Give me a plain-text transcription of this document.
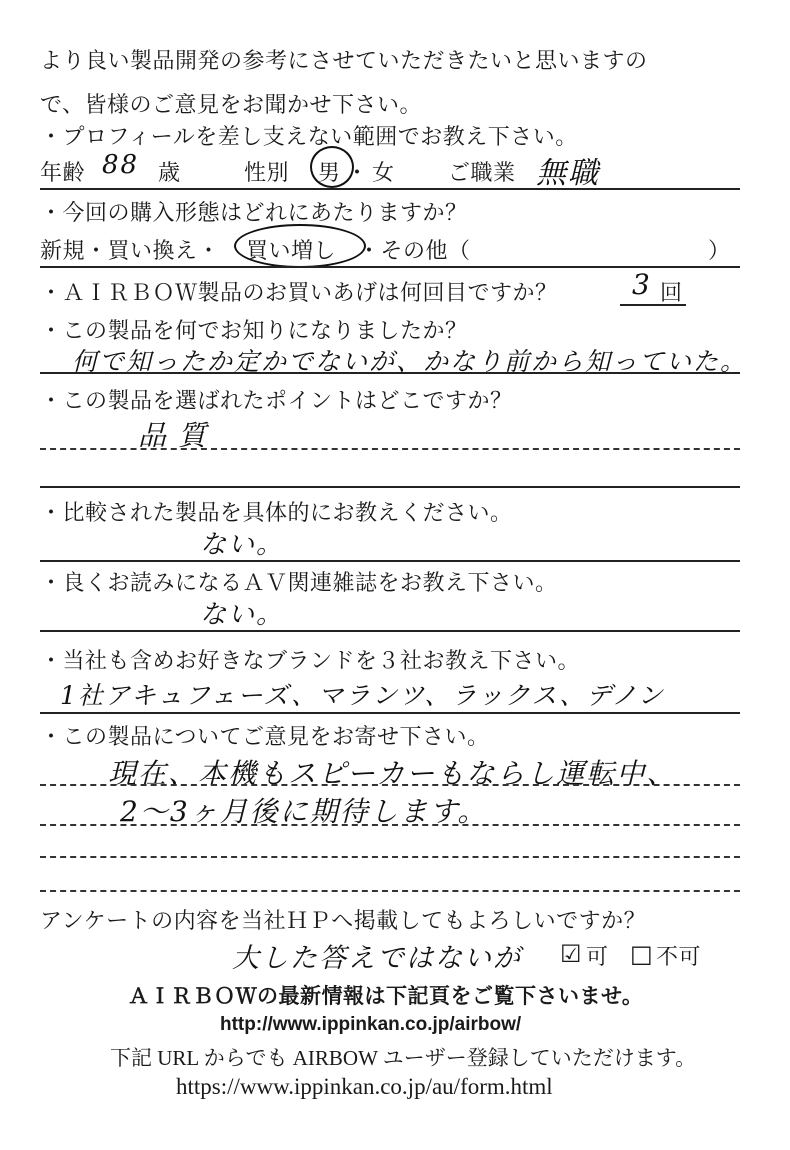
より良い製品開発の参考にさせていただきたいと思いますの
で、皆様のご意見をお聞かせ下さい。
・プロフィールを差し支えない範囲でお教え下さい。
年齢 88 歳	性別 男 ・ 女 ご職業 無職
・今回の購入形態はどれにあたりますか？
新規・買い換え・ 買い増し ・その他（	）
・ＡＩＲＢＯＷ製品のお買いあげは何回目ですか？	3 回
・この製品を何でお知りになりましたか？
何で知ったか定かでないが、かなり前から知っていた。
・この製品を選ばれたポイントはどこですか？
品質
・比較された製品を具体的にお教えください。
ない。
・良くお読みになるＡＶ関連雑誌をお教え下さい。
ない。
・当社も含めお好きなブランドを３社お教え下さい。
1社アキュフェーズ、マランツ、ラックス、デノン
・この製品についてご意見をお寄せ下さい。
現在、本機もスピーカーもならし運転中、
2〜3ヶ月後に期待します。
アンケートの内容を当社ＨＰへ掲載してもよろしいですか？
大した答えではないが ☑ 可 □ 不可
ＡＩＲＢＯＷの最新情報は下記頁をご覧下さいませ。
http://www.ippinkan.co.jp/airbow/
下記 URL からでも AIRBOW ユーザー登録していただけます。
https://www.ippinkan.co.jp/au/form.html
